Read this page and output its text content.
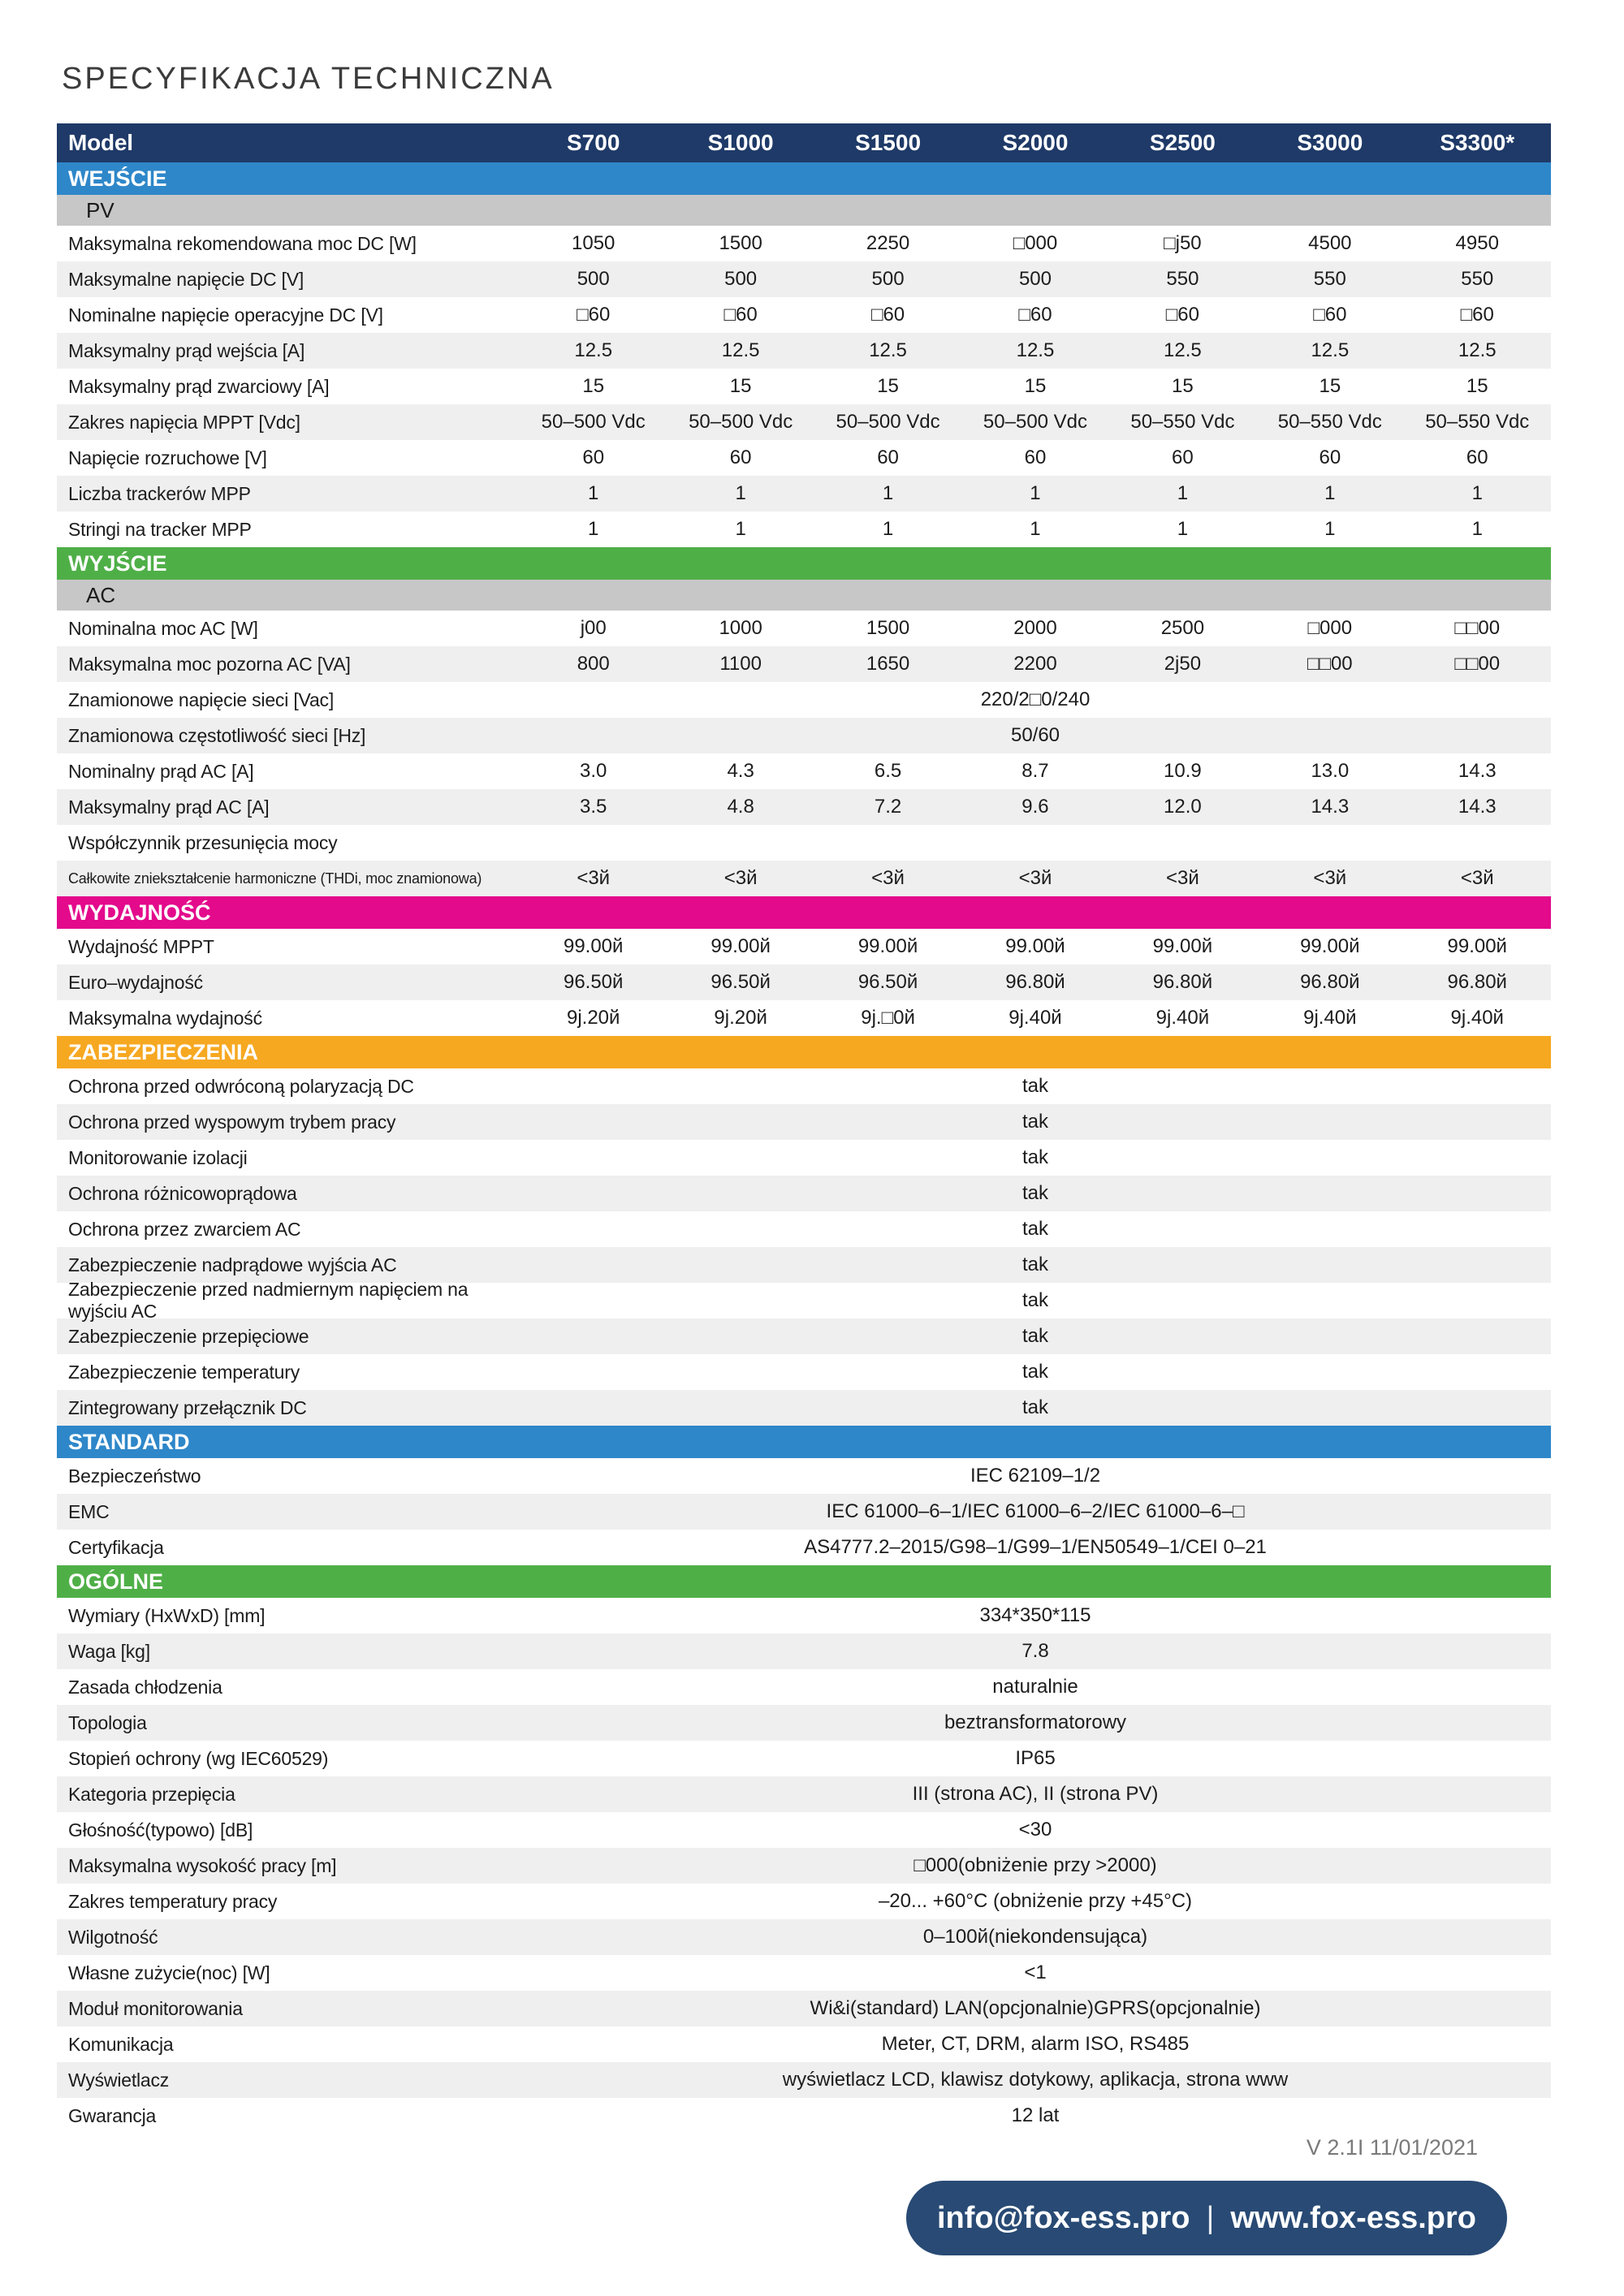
SPECYFIKACJA TECHNICZNA
Model	S700	S1000	S1500	S2000	S2500	S3000	S3300*
WEJŚCIE
PV
Maksymalna rekomendowana moc DC [W]	1050	1500	2250	□000	□j50	4500	4950
Maksymalne napięcie DC [V]	500	500	500	500	550	550	550
Nominalne napięcie operacyjne DC [V]	□60	□60	□60	□60	□60	□60	□60
Maksymalny prąd wejścia [A]	12.5	12.5	12.5	12.5	12.5	12.5	12.5
Maksymalny prąd zwarciowy [A]	15	15	15	15	15	15	15
Zakres napięcia MPPT [Vdc]	50–500 Vdc	50–500 Vdc	50–500 Vdc	50–500 Vdc	50–550 Vdc	50–550 Vdc	50–550 Vdc
Napięcie rozruchowe [V]	60	60	60	60	60	60	60
Liczba trackerów MPP	1	1	1	1	1	1	1
Stringi na tracker MPP	1	1	1	1	1	1	1
WYJŚCIE
AC
Nominalna moc AC [W]	j00	1000	1500	2000	2500	□000	□□00
Maksymalna moc pozorna AC [VA]	800	1100	1650	2200	2j50	□□00	□□00
Znamionowe napięcie sieci [Vac]	220/2□0/240
Znamionowa częstotliwość sieci [Hz]	50/60
Nominalny prąd AC [A]	3.0	4.3	6.5	8.7	10.9	13.0	14.3
Maksymalny prąd AC [A]	3.5	4.8	7.2	9.6	12.0	14.3	14.3
Współczynnik przesunięcia mocy
Całkowite zniekształcenie harmoniczne (THDi, moc znamionowa)	<3й	<3й	<3й	<3й	<3й	<3й	<3й
WYDAJNOŚĆ
Wydajność MPPT	99.00й	99.00й	99.00й	99.00й	99.00й	99.00й	99.00й
Euro–wydajność	96.50й	96.50й	96.50й	96.80й	96.80й	96.80й	96.80й
Maksymalna wydajność	9j.20й	9j.20й	9j.□0й	9j.40й	9j.40й	9j.40й	9j.40й
ZABEZPIECZENIA
Ochrona przed odwróconą polaryzacją DC	tak
Ochrona przed wyspowym trybem pracy	tak
Monitorowanie izolacji	tak
Ochrona różnicowoprądowa	tak
Ochrona przez zwarciem AC	tak
Zabezpieczenie nadprądowe wyjścia AC	tak
Zabezpieczenie przed nadmiernym napięciem na wyjściu AC	tak
Zabezpieczenie przepięciowe	tak
Zabezpieczenie temperatury	tak
Zintegrowany przełącznik DC	tak
STANDARD
Bezpieczeństwo	IEC 62109–1/2
EMC	IEC 61000–6–1/IEC 61000–6–2/IEC 61000–6–□
Certyfikacja	AS4777.2–2015/G98–1/G99–1/EN50549–1/CEI 0–21
OGÓLNE
Wymiary (HxWxD) [mm]	334*350*115
Waga [kg]	7.8
Zasada chłodzenia	naturalnie
Topologia	beztransformatorowy
Stopień ochrony (wg IEC60529)	IP65
Kategoria przepięcia	III (strona AC), II (strona PV)
Głośność(typowo) [dB]	<30
Maksymalna wysokość pracy [m]	□000(obniżenie przy >2000)
Zakres temperatury pracy	–20... +60°C (obniżenie przy +45°C)
Wilgotność	0–100й(niekondensująca)
Własne zużycie(noc) [W]	<1
Moduł monitorowania	Wi&i(standard) LAN(opcjonalnie)GPRS(opcjonalnie)
Komunikacja	Meter, CT, DRM, alarm ISO, RS485
Wyświetlacz	wyświetlacz LCD, klawisz dotykowy, aplikacja, strona www
Gwarancja	12 lat
V 2.1I 11/01/2021
info@fox-ess.pro | www.fox-ess.pro
